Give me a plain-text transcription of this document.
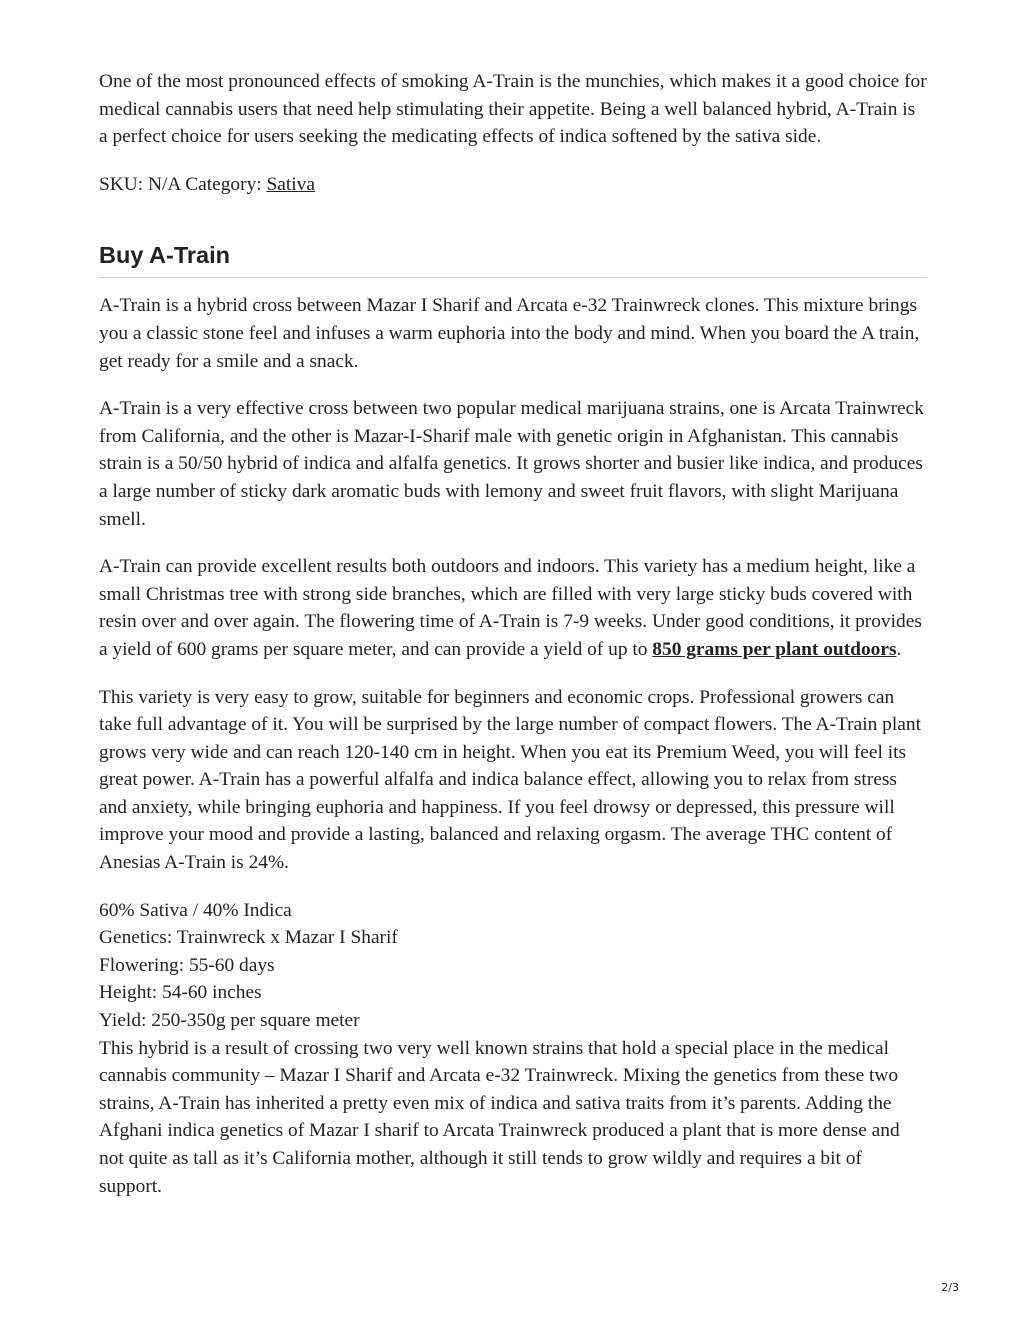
One of the most pronounced effects of smoking A-Train is the munchies, which makes it a good choice for medical cannabis users that need help stimulating their appetite. Being a well balanced hybrid, A-Train is a perfect choice for users seeking the medicating effects of indica softened by the sativa side.

SKU: N/A Category: Sativa

Buy A-Train

A-Train is a hybrid cross between Mazar I Sharif and Arcata e-32 Trainwreck clones. This mixture brings you a classic stone feel and infuses a warm euphoria into the body and mind. When you board the A train, get ready for a smile and a snack.

A-Train is a very effective cross between two popular medical marijuana strains, one is Arcata Trainwreck from California, and the other is Mazar-I-Sharif male with genetic origin in Afghanistan. This cannabis strain is a 50/50 hybrid of indica and alfalfa genetics. It grows shorter and busier like indica, and produces a large number of sticky dark aromatic buds with lemony and sweet fruit flavors, with slight Marijuana smell.

A-Train can provide excellent results both outdoors and indoors. This variety has a medium height, like a small Christmas tree with strong side branches, which are filled with very large sticky buds covered with resin over and over again. The flowering time of A-Train is 7-9 weeks. Under good conditions, it provides a yield of 600 grams per square meter, and can provide a yield of up to 850 grams per plant outdoors.

This variety is very easy to grow, suitable for beginners and economic crops. Professional growers can take full advantage of it. You will be surprised by the large number of compact flowers. The A-Train plant grows very wide and can reach 120-140 cm in height. When you eat its Premium Weed, you will feel its great power. A-Train has a powerful alfalfa and indica balance effect, allowing you to relax from stress and anxiety, while bringing euphoria and happiness. If you feel drowsy or depressed, this pressure will improve your mood and provide a lasting, balanced and relaxing orgasm. The average THC content of Anesias A-Train is 24%.

60% Sativa / 40% Indica
Genetics: Trainwreck x Mazar I Sharif
Flowering: 55-60 days
Height: 54-60 inches
Yield: 250-350g per square meter
This hybrid is a result of crossing two very well known strains that hold a special place in the medical cannabis community – Mazar I Sharif and Arcata e-32 Trainwreck. Mixing the genetics from these two strains, A-Train has inherited a pretty even mix of indica and sativa traits from it’s parents. Adding the Afghani indica genetics of Mazar I sharif to Arcata Trainwreck produced a plant that is more dense and not quite as tall as it’s California mother, although it still tends to grow wildly and requires a bit of support.

2/3
